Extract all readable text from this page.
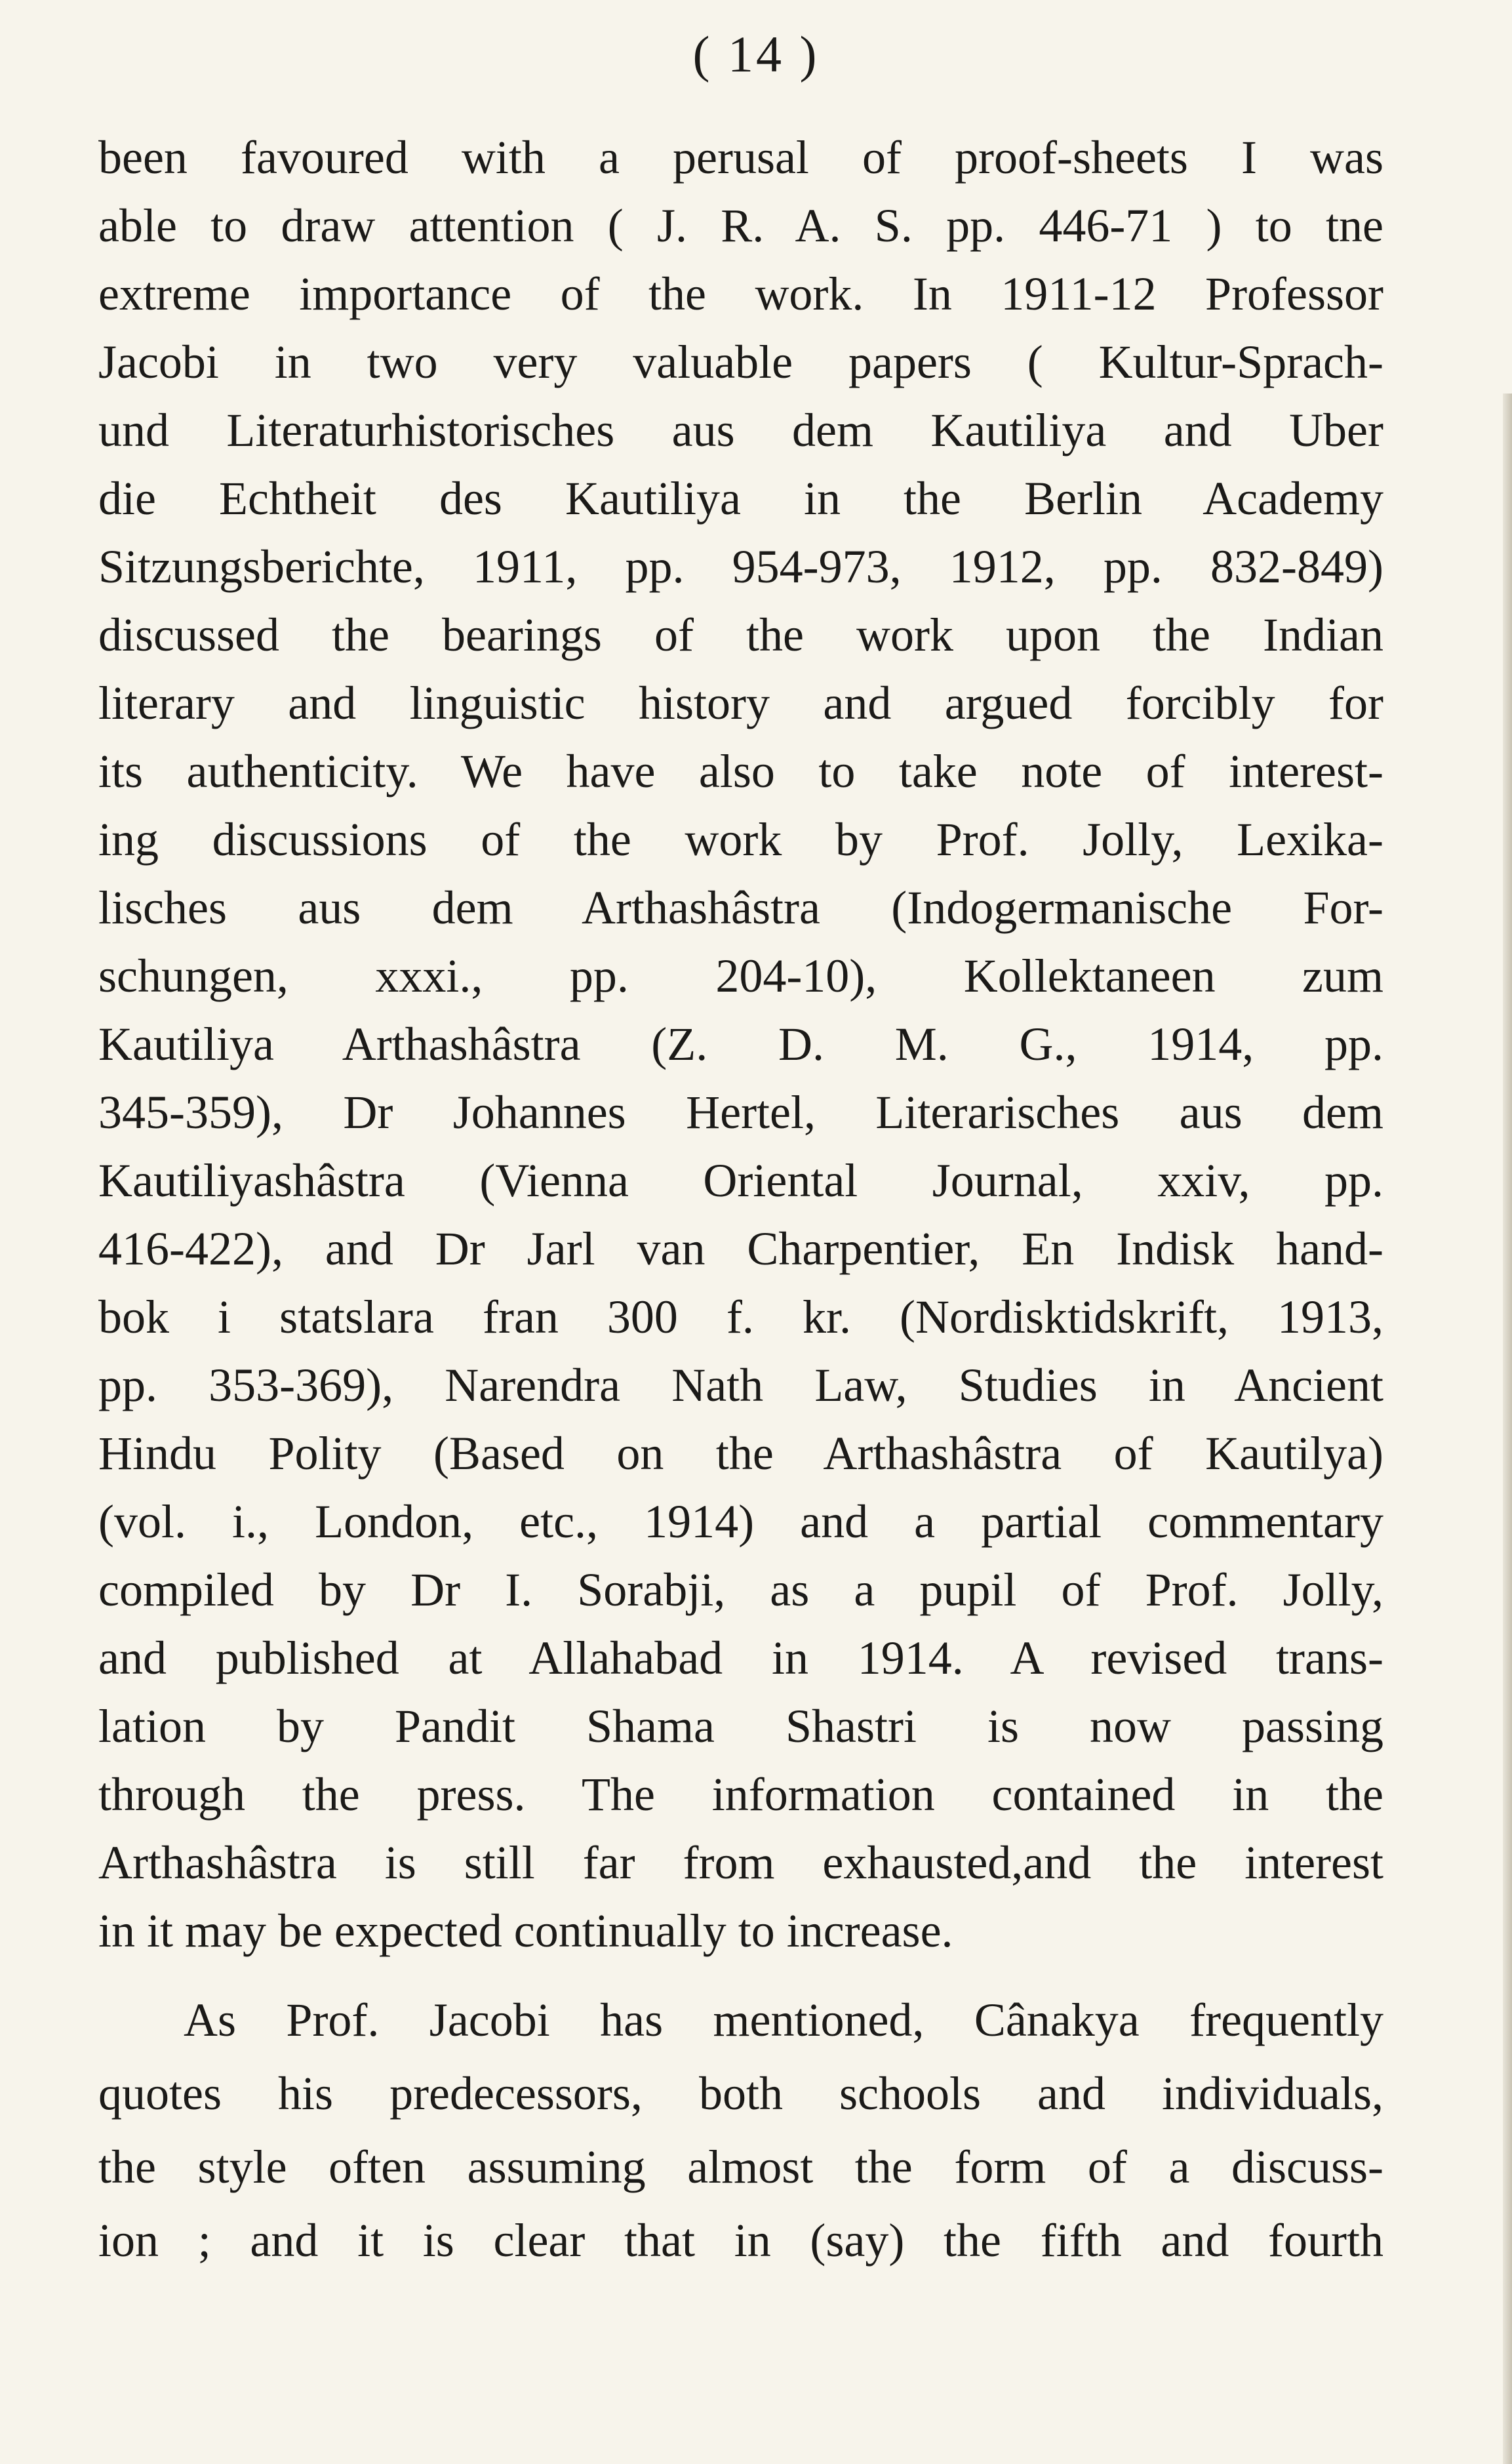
( 14 )
been favoured with a perusal of proof-sheets I was
able to draw attention ( J. R. A. S. pp. 446-71 ) to tne
extreme importance of the work. In 1911-12 Professor
Jacobi in two very valuable papers ( Kultur-Sprach-
und Literaturhistorisches aus dem Kautiliya and Uber
die Echtheit des Kautiliya in the Berlin Academy
Sitzungsberichte, 1911, pp. 954-973, 1912, pp. 832-849)
discussed the bearings of the work upon the Indian
literary and linguistic history and argued forcibly for
its authenticity. We have also to take note of interest-
ing discussions of the work by Prof. Jolly, Lexika-
lisches aus dem Arthashâstra (Indogermanische For-
schungen, xxxi., pp. 204-10), Kollektaneen zum
Kautiliya Arthashâstra (Z. D. M. G., 1914, pp.
345-359), Dr Johannes Hertel, Literarisches aus dem
Kautiliyashâstra (Vienna Oriental Journal, xxiv, pp.
416-422), and Dr Jarl van Charpentier, En Indisk hand-
bok i statslara fran 300 f. kr. (Nordisktidskrift, 1913,
pp. 353-369), Narendra Nath Law, Studies in Ancient
Hindu Polity (Based on the Arthashâstra of Kautilya)
(vol. i., London, etc., 1914) and a partial commentary
compiled by Dr I. Sorabji, as a pupil of Prof. Jolly,
and published at Allahabad in 1914. A revised trans-
lation by Pandit Shama Shastri is now passing
through the press. The information contained in the
Arthashâstra is still far from exhausted,and the interest
in it may be expected continually to increase.
As Prof. Jacobi has mentioned, Cânakya frequently
quotes his predecessors, both schools and individuals,
the style often assuming almost the form of a discuss-
ion ; and it is clear that in (say) the fifth and fourth
